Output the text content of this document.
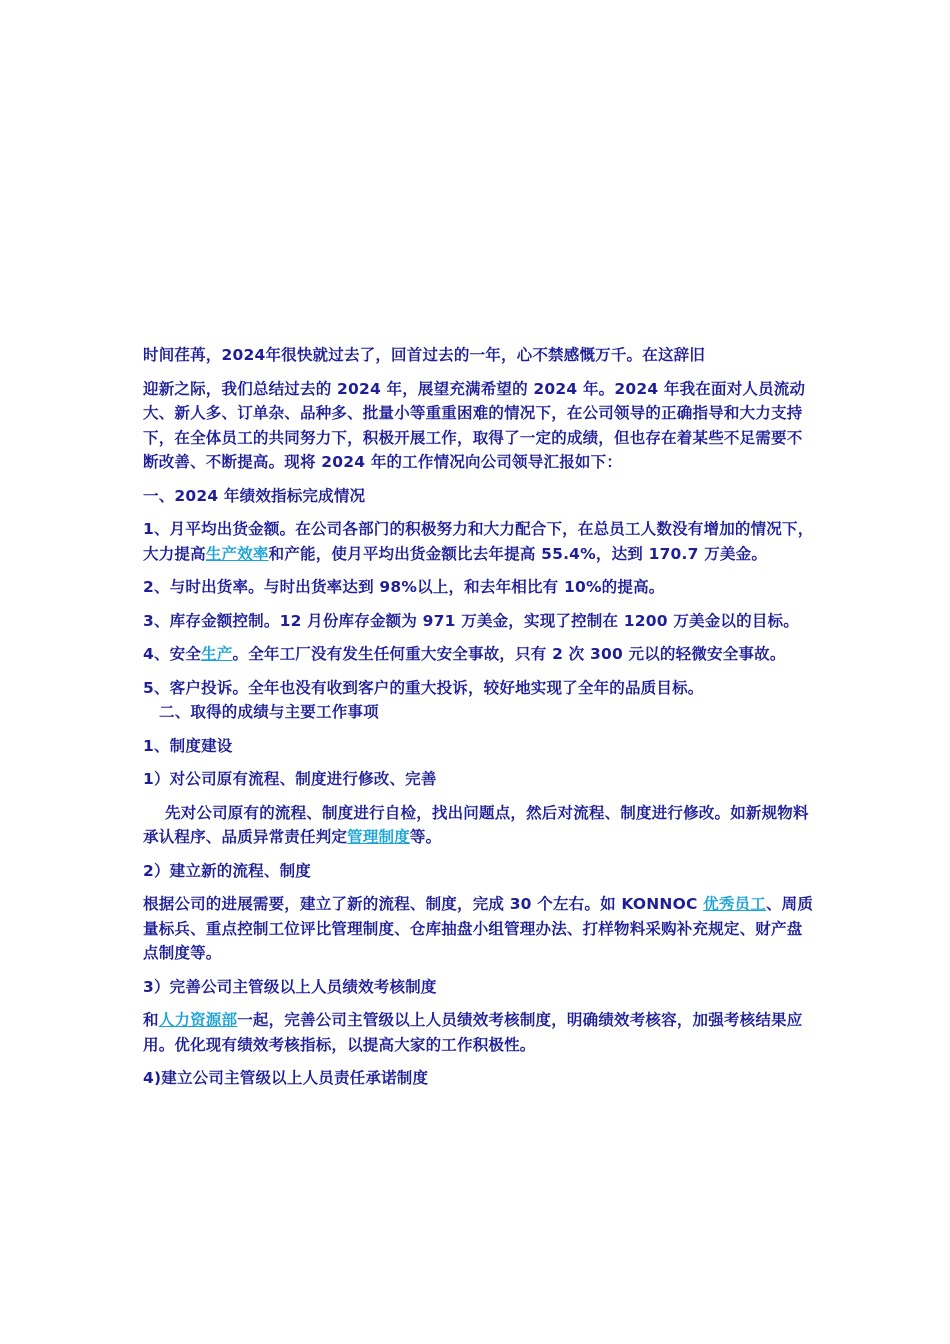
时间荏苒，2024年很快就过去了，回首过去的一年，心不禁感慨万千。在这辞旧

迎新之际，我们总结过去的 2024 年，展望充满希望的 2024 年。2024 年我在面对人员流动大、新人多、订单杂、品种多、批量小等重重困难的情况下，在公司领导的正确指导和大力支持下，在全体员工的共同努力下，积极开展工作，取得了一定的成绩，但也存在着某些不足需要不断改善、不断提高。现将 2024 年的工作情况向公司领导汇报如下：

一、2024 年绩效指标完成情况

1、月平均出货金额。在公司各部门的积极努力和大力配合下，在总员工人数没有增加的情况下，大力提高生产效率和产能，使月平均出货金额比去年提高 55.4%，达到 170.7 万美金。

2、与时出货率。与时出货率达到 98%以上，和去年相比有 10%的提高。

3、库存金额控制。12 月份库存金额为 971 万美金，实现了控制在 1200 万美金以的目标。

4、安全生产。全年工厂没有发生任何重大安全事故，只有 2 次 300 元以的轻微安全事故。

5、客户投诉。全年也没有收到客户的重大投诉，较好地实现了全年的品质目标。

二、取得的成绩与主要工作事项

1、制度建设

1）对公司原有流程、制度进行修改、完善

先对公司原有的流程、制度进行自检，找出问题点，然后对流程、制度进行修改。如新规物料承认程序、品质异常责任判定管理制度等。

2）建立新的流程、制度

根据公司的进展需要，建立了新的流程、制度，完成 30 个左右。如 KONNOC 优秀员工、周质量标兵、重点控制工位评比管理制度、仓库抽盘小组管理办法、打样物料采购补充规定、财产盘点制度等。

3）完善公司主管级以上人员绩效考核制度

和人力资源部一起，完善公司主管级以上人员绩效考核制度，明确绩效考核容，加强考核结果应用。优化现有绩效考核指标，以提高大家的工作积极性。

4)建立公司主管级以上人员责任承诺制度
